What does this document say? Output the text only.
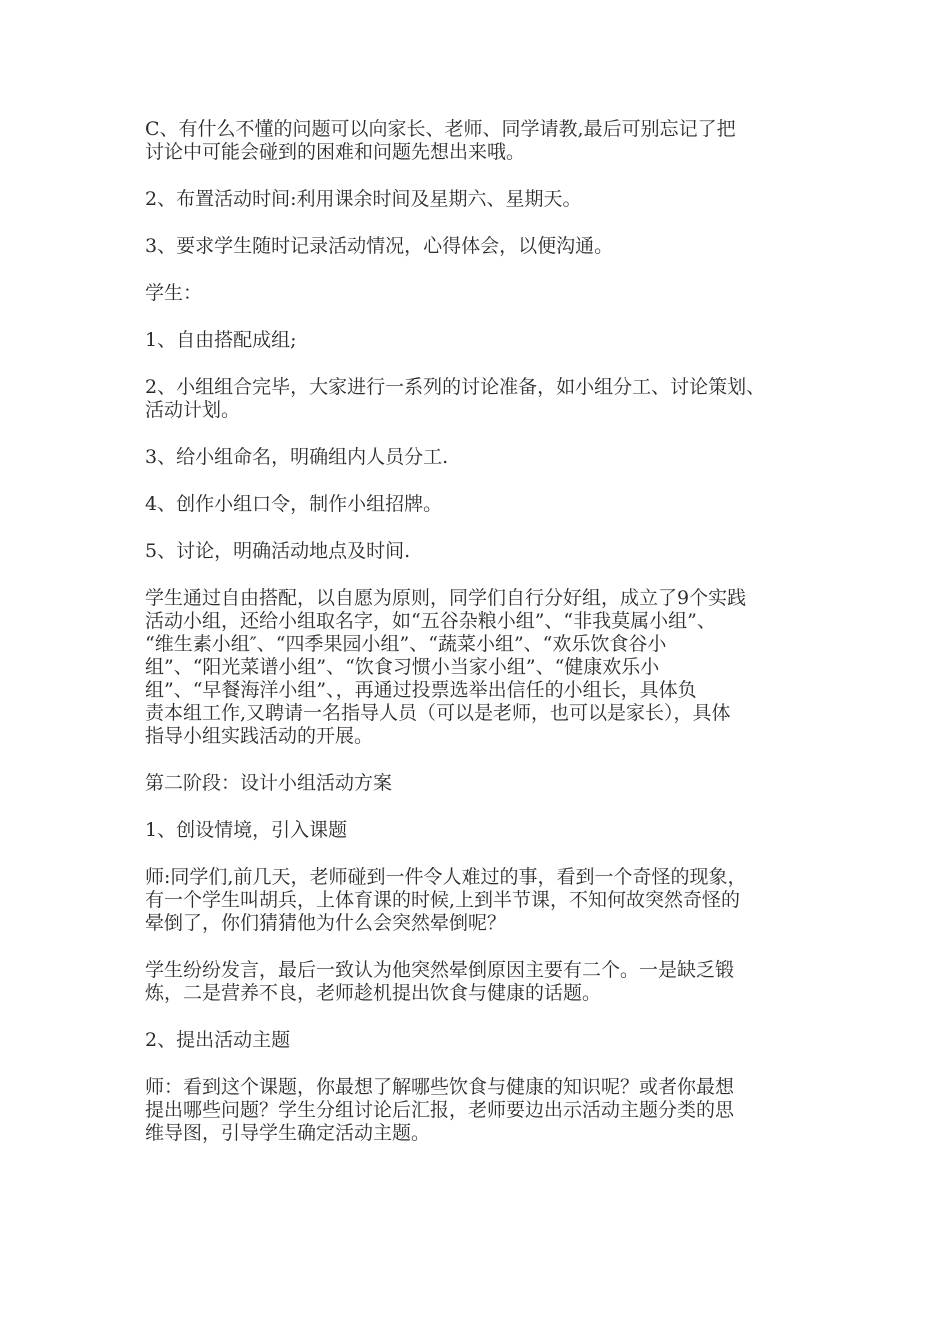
C、有什么不懂的问题可以向家长、老师、同学请教,最后可别忘记了把
讨论中可能会碰到的困难和问题先想出来哦。

2、布置活动时间:利用课余时间及星期六、星期天。

3、要求学生随时记录活动情况，心得体会，以便沟通。

学生：

1、自由搭配成组;

2、小组组合完毕，大家进行一系列的讨论准备，如小组分工、讨论策划、
活动计划。

3、给小组命名，明确组内人员分工.

4、创作小组口令，制作小组招牌。

5、讨论，明确活动地点及时间.

学生通过自由搭配，以自愿为原则，同学们自行分好组，成立了9个实践
活动小组，还给小组取名字，如“五谷杂粮小组”、“非我莫属小组”、
“维生素小组″、“四季果园小组”、“蔬菜小组”、“欢乐饮食谷小
组”、“阳光菜谱小组”、“饮食习惯小当家小组”、“健康欢乐小
组”、“早餐海洋小组”、，再通过投票选举出信任的小组长，具体负
责本组工作,又聘请一名指导人员（可以是老师，也可以是家长），具体
指导小组实践活动的开展。

第二阶段：设计小组活动方案

1、创设情境，引入课题

师:同学们,前几天，老师碰到一件令人难过的事，看到一个奇怪的现象，
有一个学生叫胡兵，上体育课的时候,上到半节课，不知何故突然奇怪的
晕倒了，你们猜猜他为什么会突然晕倒呢？

学生纷纷发言，最后一致认为他突然晕倒原因主要有二个。一是缺乏锻
炼，二是营养不良，老师趁机提出饮食与健康的话题。

2、提出活动主题

师：看到这个课题，你最想了解哪些饮食与健康的知识呢？或者你最想
提出哪些问题？学生分组讨论后汇报，老师要边出示活动主题分类的思
维导图，引导学生确定活动主题。
